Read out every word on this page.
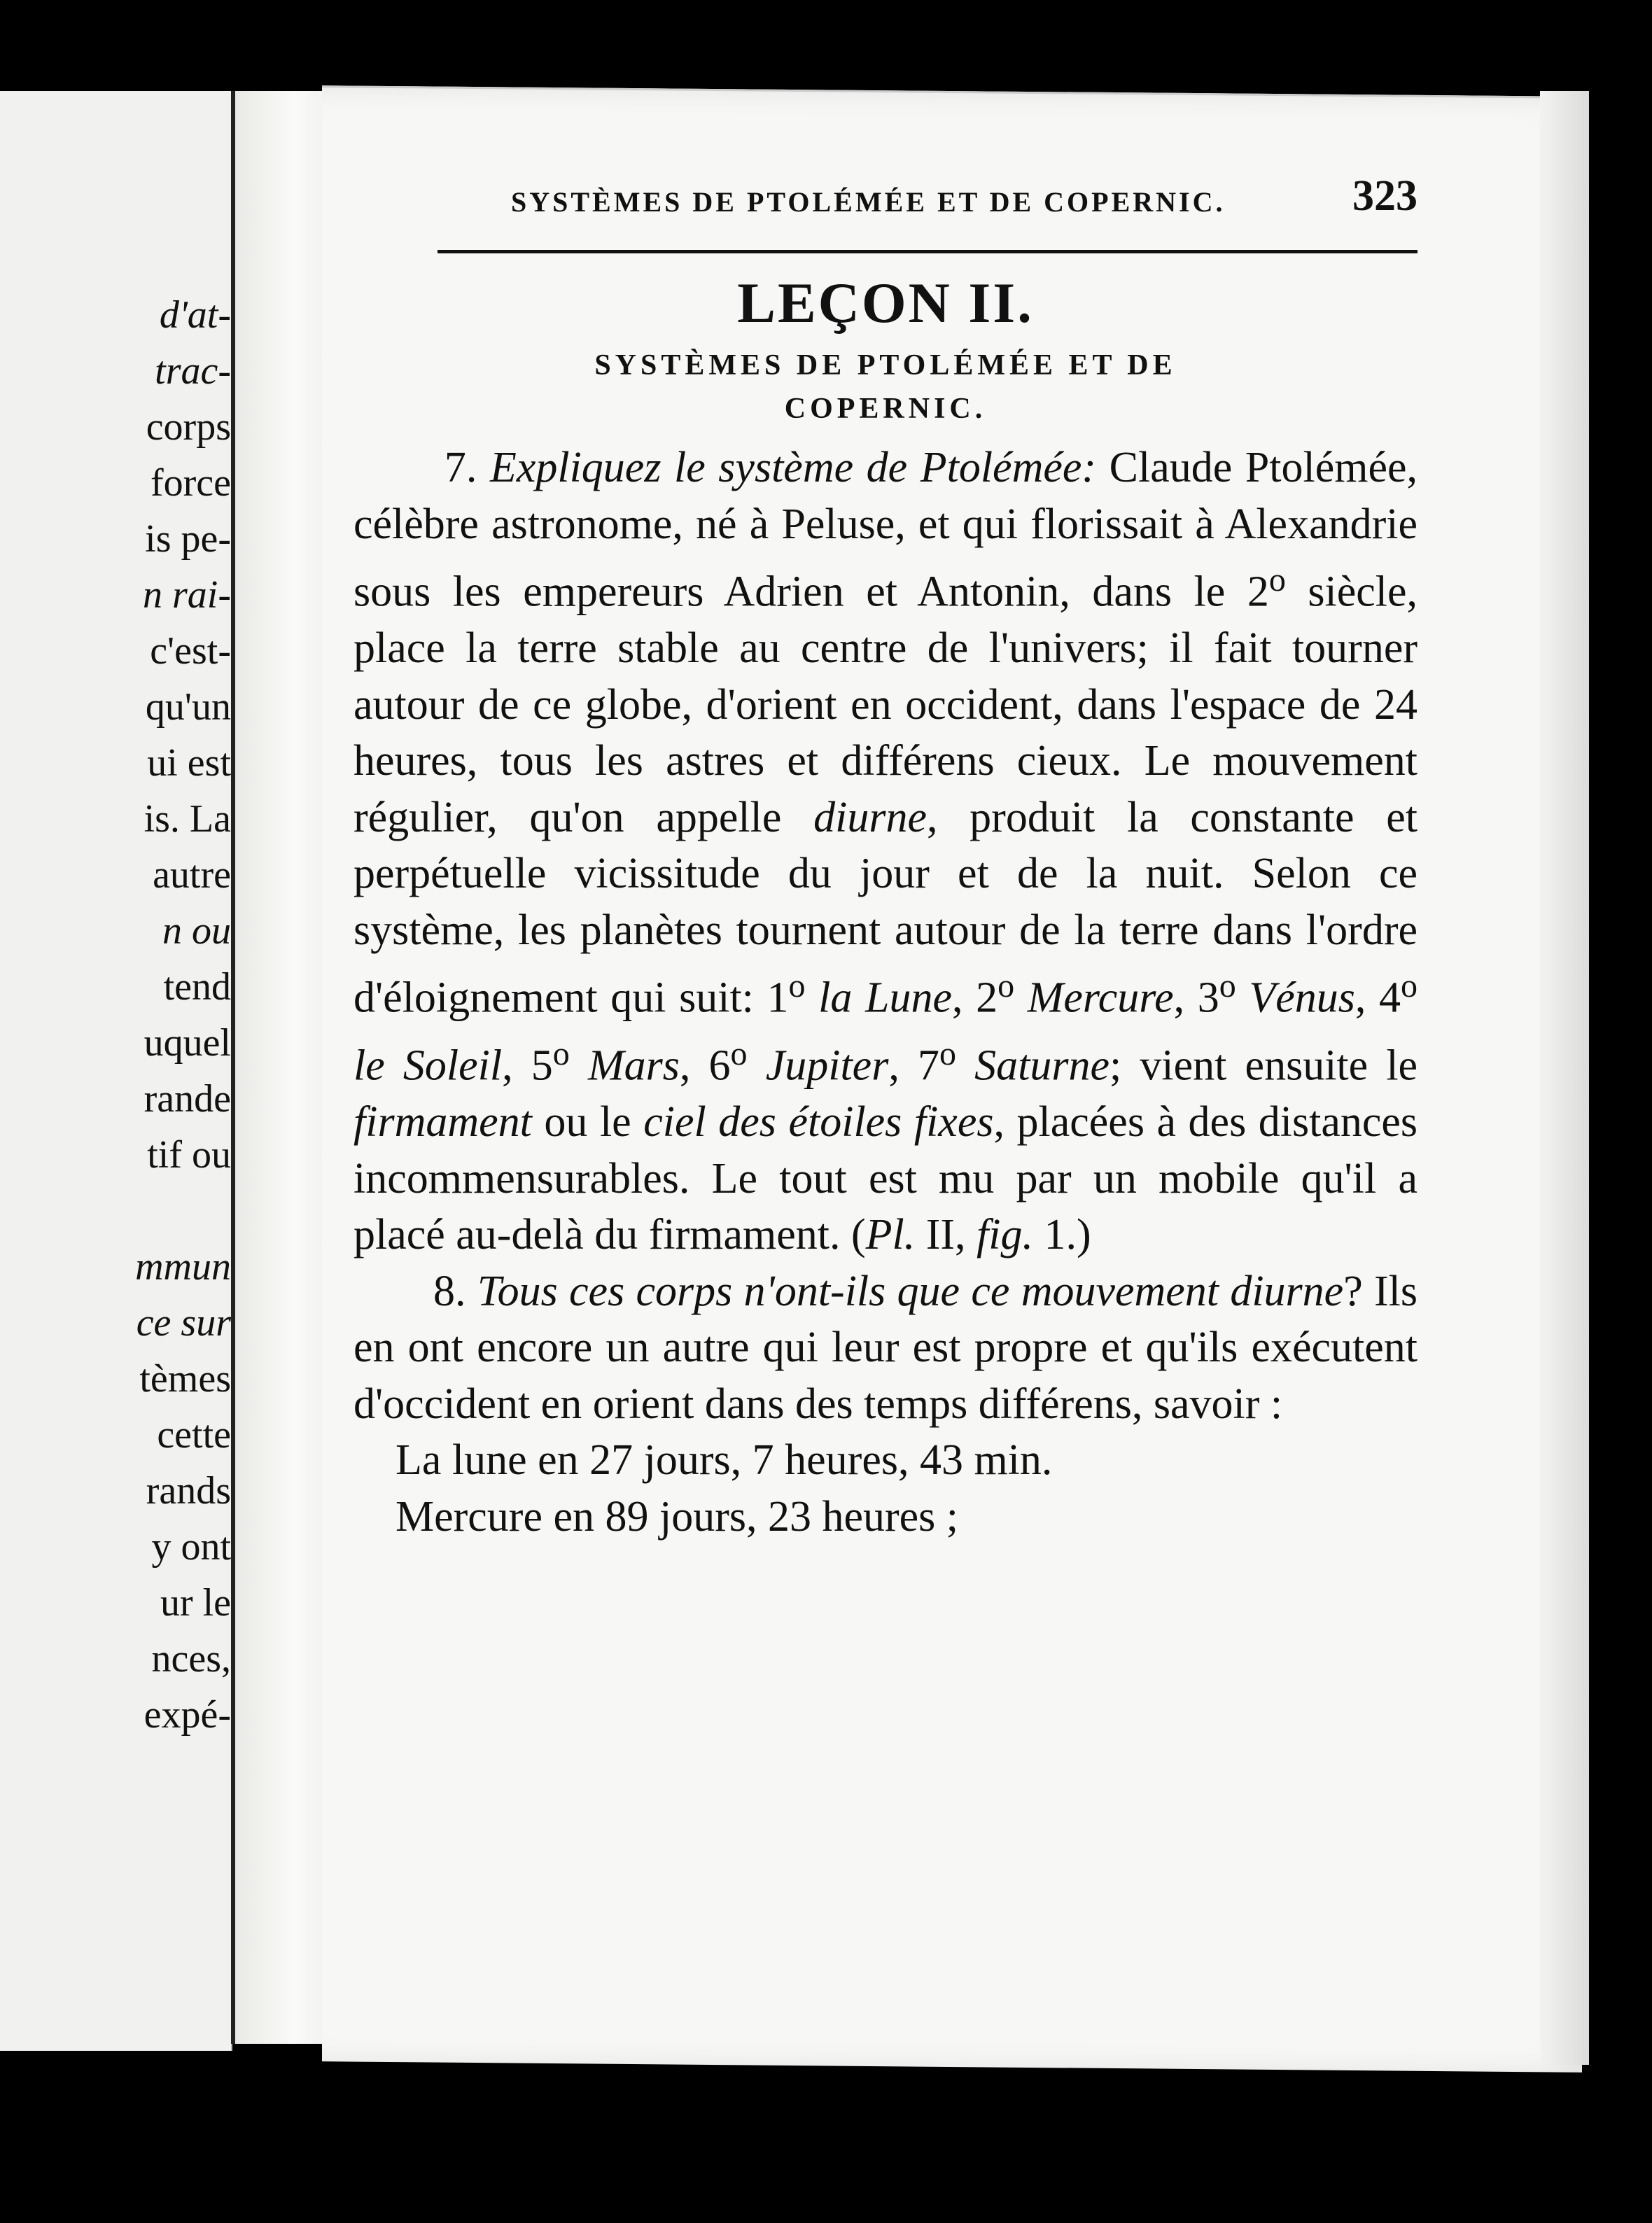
d'at-
trac-
corps
force
is pe-
n rai-
c'est-
qu'un
ui est
is. La
autre
n ou
tend
uquel
rande
tif ou
mmun
ce sur
tèmes
cette
rands
y ont
ur le
nces,
expé-
SYSTÈMES DE PTOLÉMÉE ET DE COPERNIC.	323
LEÇON II.
SYSTÈMES DE PTOLÉMÉE ET DE
COPERNIC.

7. Expliquez le système de Ptolémée: Claude Ptolémée, célèbre astronome, né à Peluse, et qui florissait à Alexandrie sous les empereurs Adrien et Antonin, dans le 2$^o$ siècle, place la terre stable au centre de l'univers; il fait tourner autour de ce globe, d'orient en occident, dans l'espace de 24 heures, tous les astres et différens cieux. Le mouvement régulier, qu'on appelle diurne, produit la constante et perpétuelle vicissitude du jour et de la nuit. Selon ce système, les planètes tournent autour de la terre dans l'ordre d'éloignement qui suit: 1$^o$ la Lune, 2$^o$ Mercure, 3$^o$ Vénus, 4$^o$ le Soleil, 5$^o$ Mars, 6$^o$ Jupiter, 7$^o$ Saturne; vient ensuite le firmament ou le ciel des étoiles fixes, placées à des distances incommensurables. Le tout est mu par un mobile qu'il a placé au-delà du firmament. (Pl. II, fig. 1.)

8. Tous ces corps n'ont-ils que ce mouvement diurne? Ils en ont encore un autre qui leur est propre et qu'ils exécutent d'occident en orient dans des temps différens, savoir :

La lune en 27 jours, 7 heures, 43 min.
Mercure en 89 jours, 23 heures ;
